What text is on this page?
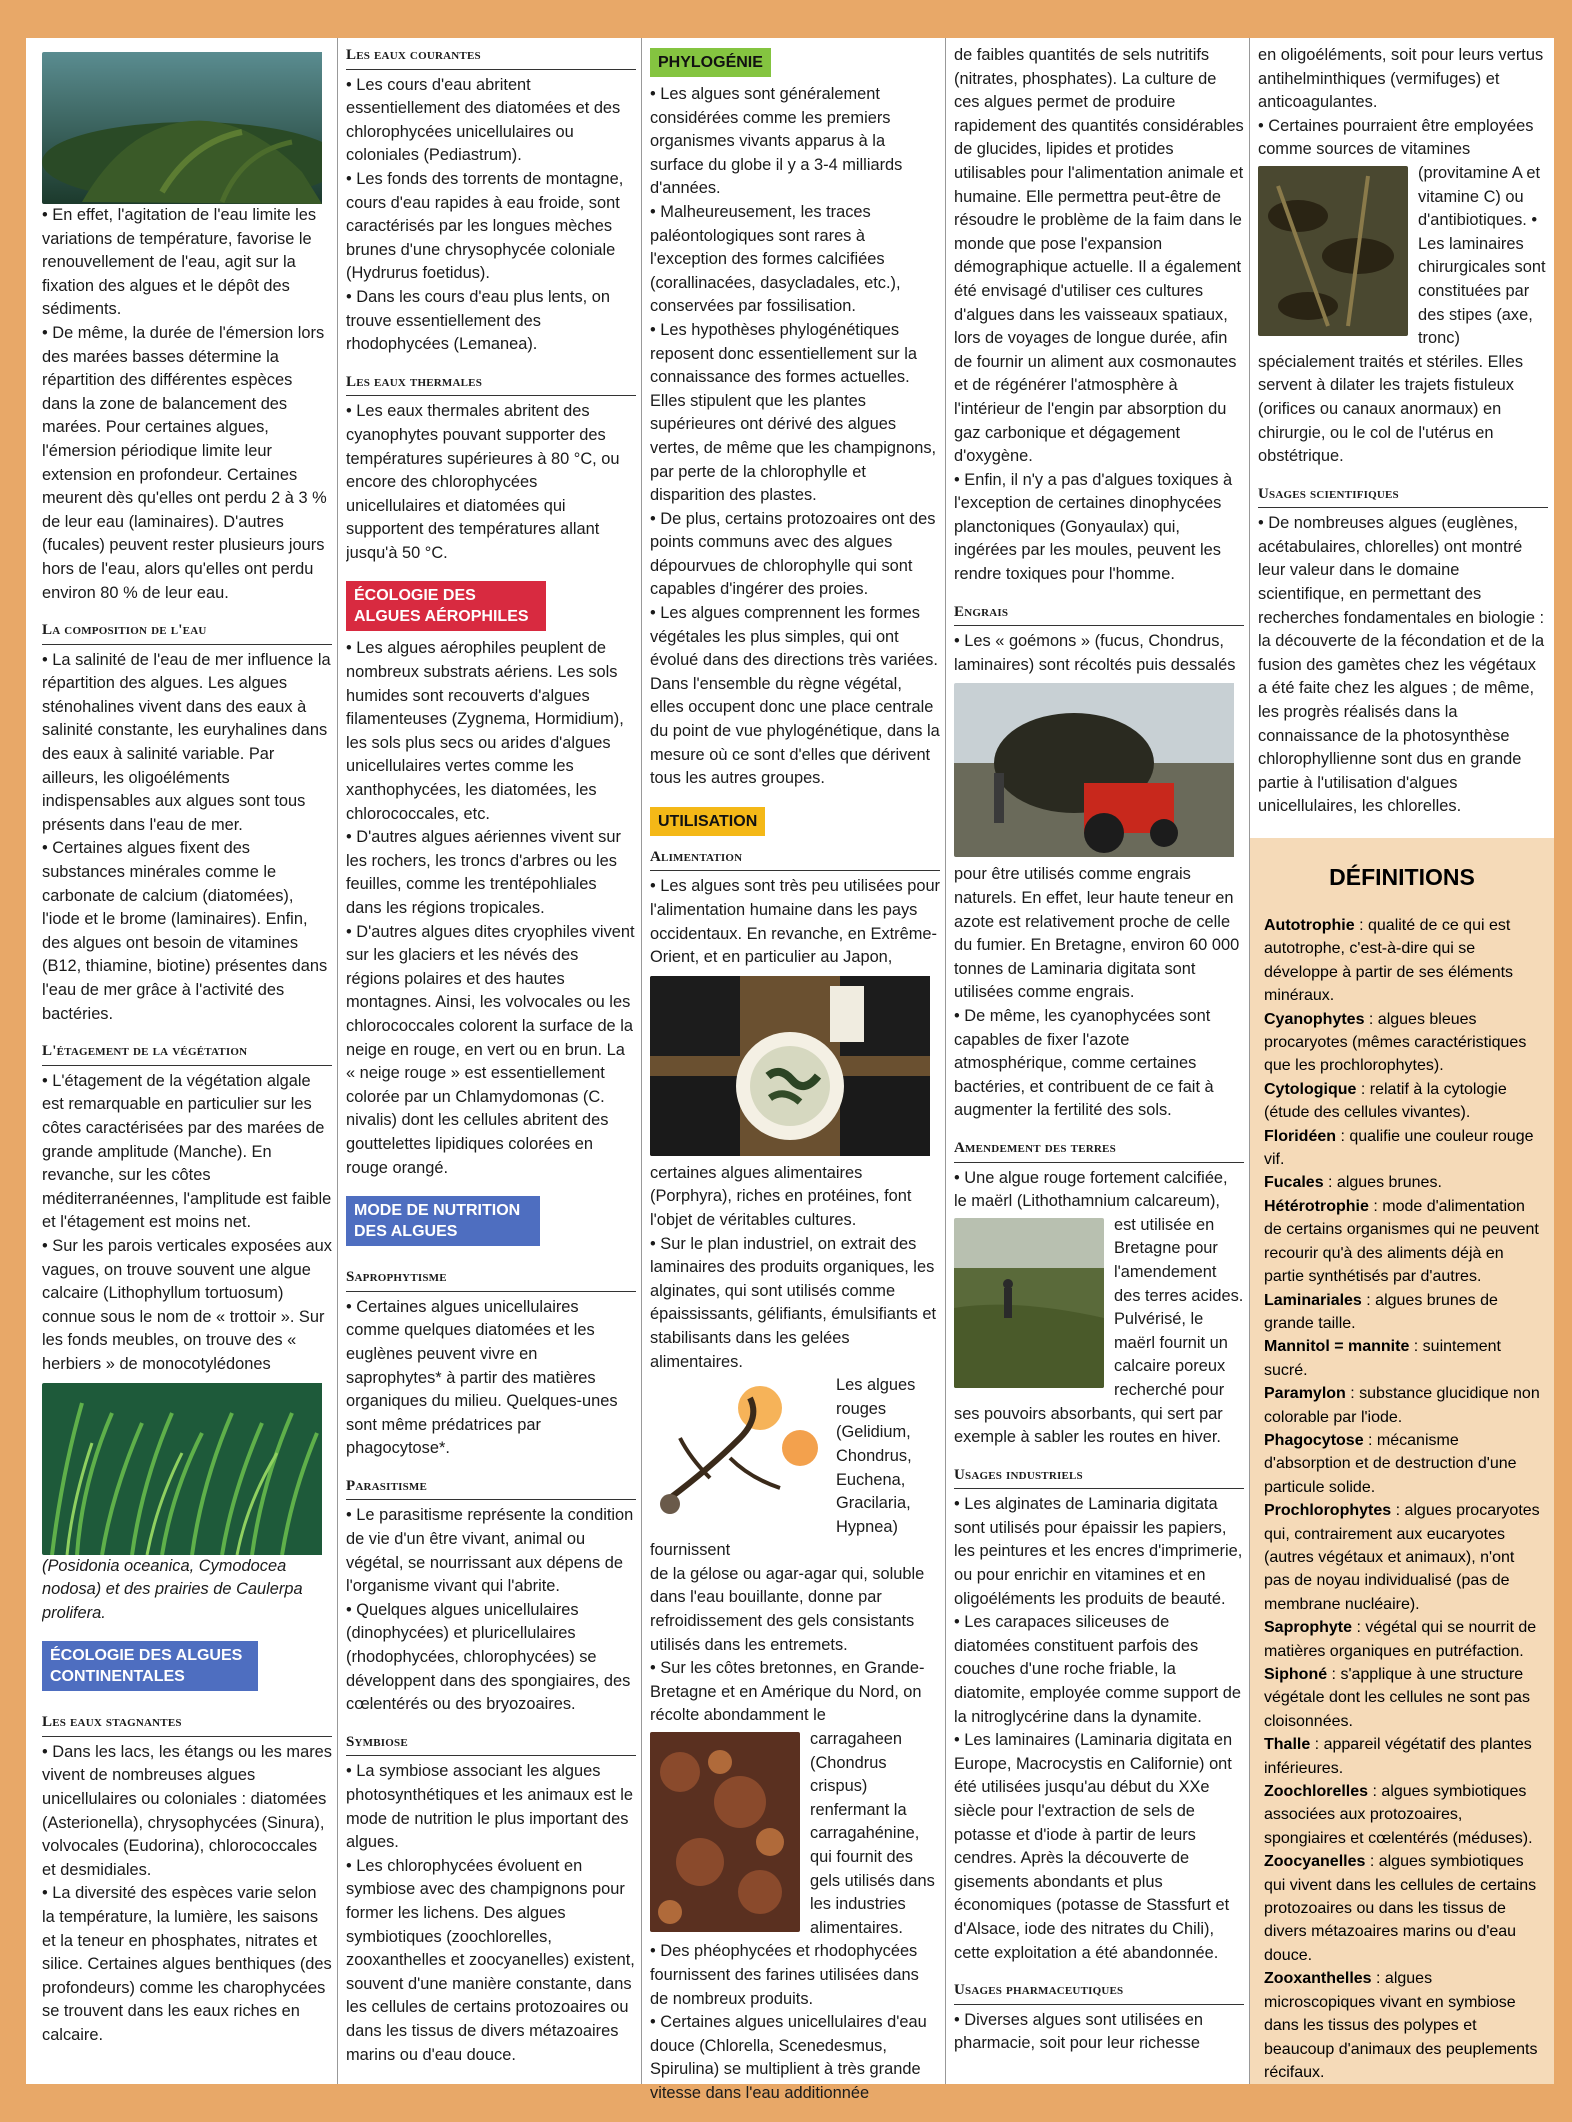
• En effet, l'agitation de l'eau limite les variations de température, favorise le renouvellement de l'eau, agit sur la fixation des algues et le dépôt des sédiments.

• De même, la durée de l'émersion lors des marées basses détermine la répartition des différentes espèces dans la zone de balancement des marées. Pour certaines algues, l'émersion périodique limite leur extension en profondeur. Certaines meurent dès qu'elles ont perdu 2 à 3 % de leur eau (laminaires). D'autres (fucales) peuvent rester plusieurs jours hors de l'eau, alors qu'elles ont perdu environ 80 % de leur eau.

La composition de l'eau

• La salinité de l'eau de mer influence la répartition des algues. Les algues sténohalines vivent dans des eaux à salinité constante, les euryhalines dans des eaux à salinité variable. Par ailleurs, les oligoéléments indispensables aux algues sont tous présents dans l'eau de mer.

• Certaines algues fixent des substances minérales comme le carbonate de calcium (diatomées), l'iode et le brome (laminaires). Enfin, des algues ont besoin de vitamines (B12, thiamine, biotine) présentes dans l'eau de mer grâce à l'activité des bactéries.

L'étagement de la végétation

• L'étagement de la végétation algale est remarquable en particulier sur les côtes caractérisées par des marées de grande amplitude (Manche). En revanche, sur les côtes méditerranéennes, l'amplitude est faible et l'étagement est moins net.

• Sur les parois verticales exposées aux vagues, on trouve souvent une algue calcaire (Lithophyllum tortuosum) connue sous le nom de « trottoir ». Sur les fonds meubles, on trouve des « herbiers » de monocotylédones

(Posidonia oceanica, Cymodocea nodosa) et des prairies de Caulerpa prolifera.

ÉCOLOGIE DES ALGUES CONTINENTALES
Les eaux stagnantes

• Dans les lacs, les étangs ou les mares vivent de nombreuses algues unicellulaires ou coloniales : diatomées (Asterionella), chrysophycées (Sinura), volvocales (Eudorina), chlorococcales et desmidiales.

• La diversité des espèces varie selon la température, la lumière, les saisons et la teneur en phosphates, nitrates et silice. Certaines algues benthiques (des profondeurs) comme les charophycées se trouvent dans les eaux riches en calcaire.

Les eaux courantes

• Les cours d'eau abritent essentiellement des diatomées et des chlorophycées unicellulaires ou coloniales (Pediastrum).

• Les fonds des torrents de montagne, cours d'eau rapides à eau froide, sont caractérisés par les longues mèches brunes d'une chrysophycée coloniale (Hydrurus foetidus).

• Dans les cours d'eau plus lents, on trouve essentiellement des rhodophycées (Lemanea).

Les eaux thermales

• Les eaux thermales abritent des cyanophytes pouvant supporter des températures supérieures à 80 °C, ou encore des chlorophycées unicellulaires et diatomées qui supportent des températures allant jusqu'à 50 °C.

ÉCOLOGIE DES ALGUES AÉROPHILES

• Les algues aérophiles peuplent de nombreux substrats aériens. Les sols humides sont recouverts d'algues filamenteuses (Zygnema, Hormidium), les sols plus secs ou arides d'algues unicellulaires vertes comme les xanthophycées, les diatomées, les chlorococcales, etc.

• D'autres algues aériennes vivent sur les rochers, les troncs d'arbres ou les feuilles, comme les trentépohliales dans les régions tropicales.

• D'autres algues dites cryophiles vivent sur les glaciers et les névés des régions polaires et des hautes montagnes. Ainsi, les volvocales ou les chlorococcales colorent la surface de la neige en rouge, en vert ou en brun. La « neige rouge » est essentiellement colorée par un Chlamydomonas (C. nivalis) dont les cellules abritent des gouttelettes lipidiques colorées en rouge orangé.

MODE DE NUTRITION DES ALGUES
Saprophytisme

• Certaines algues unicellulaires comme quelques diatomées et les euglènes peuvent vivre en saprophytes* à partir des matières organiques du milieu. Quelques-unes sont même prédatrices par phagocytose*.

Parasitisme

• Le parasitisme représente la condition de vie d'un être vivant, animal ou végétal, se nourrissant aux dépens de l'organisme vivant qui l'abrite.

• Quelques algues unicellulaires (dinophycées) et pluricellulaires (rhodophycées, chlorophycées) se développent dans des spongiaires, des cœlentérés ou des bryozoaires.

Symbiose

• La symbiose associant les algues photosynthétiques et les animaux est le mode de nutrition le plus important des algues.

• Les chlorophycées évoluent en symbiose avec des champignons pour former les lichens. Des algues symbiotiques (zoochlorelles, zooxanthelles et zoocyanelles) existent, souvent d'une manière constante, dans les cellules de certains protozoaires ou dans les tissus de divers métazoaires marins ou d'eau douce.

PHYLOGÉNIE

• Les algues sont généralement considérées comme les premiers organismes vivants apparus à la surface du globe il y a 3-4 milliards d'années.

• Malheureusement, les traces paléontologiques sont rares à l'exception des formes calcifiées (corallinacées, dasycladales, etc.), conservées par fossilisation.

• Les hypothèses phylogénétiques reposent donc essentiellement sur la connaissance des formes actuelles. Elles stipulent que les plantes supérieures ont dérivé des algues vertes, de même que les champignons, par perte de la chlorophylle et disparition des plastes.

• De plus, certains protozoaires ont des points communs avec des algues dépourvues de chlorophylle qui sont capables d'ingérer des proies.

• Les algues comprennent les formes végétales les plus simples, qui ont évolué dans des directions très variées. Dans l'ensemble du règne végétal, elles occupent donc une place centrale du point de vue phylogénétique, dans la mesure où ce sont d'elles que dérivent tous les autres groupes.

UTILISATION
Alimentation

• Les algues sont très peu utilisées pour l'alimentation humaine dans les pays occidentaux. En revanche, en Extrême-Orient, et en particulier au Japon,

certaines algues alimentaires (Porphyra), riches en protéines, font l'objet de véritables cultures.

• Sur le plan industriel, on extrait des laminaires des produits organiques, les alginates, qui sont utilisés comme épaississants, gélifiants, émulsifiants et stabilisants dans les gelées alimentaires.

Les algues rouges (Gelidium, Chondrus, Euchena, Gracilaria, Hypnea) fournissent

de la gélose ou agar-agar qui, soluble dans l'eau bouillante, donne par refroidissement des gels consistants utilisés dans les entremets.

• Sur les côtes bretonnes, en Grande-Bretagne et en Amérique du Nord, on récolte abondamment le

carragaheen (Chondrus crispus) renfermant la carragahénine, qui fournit des gels utilisés dans les industries alimentaires.

• Des phéophycées et rhodophycées fournissent des farines utilisées dans de nombreux produits.

• Certaines algues unicellulaires d'eau douce (Chlorella, Scenedesmus, Spirulina) se multiplient à très grande vitesse dans l'eau additionnée

de faibles quantités de sels nutritifs (nitrates, phosphates). La culture de ces algues permet de produire rapidement des quantités considérables de glucides, lipides et protides utilisables pour l'alimentation animale et humaine. Elle permettra peut-être de résoudre le problème de la faim dans le monde que pose l'expansion démographique actuelle. Il a également été envisagé d'utiliser ces cultures d'algues dans les vaisseaux spatiaux, lors de voyages de longue durée, afin de fournir un aliment aux cosmonautes et de régénérer l'atmosphère à l'intérieur de l'engin par absorption du gaz carbonique et dégagement d'oxygène.

• Enfin, il n'y a pas d'algues toxiques à l'exception de certaines dinophycées planctoniques (Gonyaulax) qui, ingérées par les moules, peuvent les rendre toxiques pour l'homme.

Engrais

• Les « goémons » (fucus, Chondrus, laminaires) sont récoltés puis dessalés

pour être utilisés comme engrais naturels. En effet, leur haute teneur en azote est relativement proche de celle du fumier. En Bretagne, environ 60 000 tonnes de Laminaria digitata sont utilisées comme engrais.

• De même, les cyanophycées sont capables de fixer l'azote atmosphérique, comme certaines bactéries, et contribuent de ce fait à augmenter la fertilité des sols.

Amendement des terres

• Une algue rouge fortement calcifiée, le maërl (Lithothamnium calcareum),

est utilisée en Bretagne pour l'amendement des terres acides. Pulvérisé, le maërl fournit un calcaire poreux recherché pour

ses pouvoirs absorbants, qui sert par exemple à sabler les routes en hiver.

Usages industriels

• Les alginates de Laminaria digitata sont utilisés pour épaissir les papiers, les peintures et les encres d'imprimerie, ou pour enrichir en vitamines et en oligoéléments les produits de beauté.

• Les carapaces siliceuses de diatomées constituent parfois des couches d'une roche friable, la diatomite, employée comme support de la nitroglycérine dans la dynamite.

• Les laminaires (Laminaria digitata en Europe, Macrocystis en Californie) ont été utilisées jusqu'au début du XXe siècle pour l'extraction de sels de potasse et d'iode à partir de leurs cendres. Après la découverte de gisements abondants et plus économiques (potasse de Stassfurt et d'Alsace, iode des nitrates du Chili), cette exploitation a été abandonnée.

Usages pharmaceutiques

• Diverses algues sont utilisées en pharmacie, soit pour leur richesse

en oligoéléments, soit pour leurs vertus antihelminthiques (vermifuges) et anticoagulantes.

• Certaines pourraient être employées comme sources de vitamines

(provitamine A et vitamine C) ou d'antibiotiques. • Les laminaires chirurgicales sont constituées par des stipes (axe, tronc)

spécialement traités et stériles. Elles servent à dilater les trajets fistuleux (orifices ou canaux anormaux) en chirurgie, ou le col de l'utérus en obstétrique.

Usages scientifiques

• De nombreuses algues (euglènes, acétabulaires, chlorelles) ont montré leur valeur dans le domaine scientifique, en permettant des recherches fondamentales en biologie : la découverte de la fécondation et de la fusion des gamètes chez les végétaux a été faite chez les algues ; de même, les progrès réalisés dans la connaissance de la photosynthèse chlorophyllienne sont dus en grande partie à l'utilisation d'algues unicellulaires, les chlorelles.

DÉFINITIONS
Autotrophie : qualité de ce qui est autotrophe, c'est-à-dire qui se développe à partir de ses éléments minéraux.
Cyanophytes : algues bleues procaryotes (mêmes caractéristiques que les prochlorophytes).
Cytologique : relatif à la cytologie (étude des cellules vivantes).
Floridéen : qualifie une couleur rouge vif.
Fucales : algues brunes.
Hétérotrophie : mode d'alimentation de certains organismes qui ne peuvent recourir qu'à des aliments déjà en partie synthétisés par d'autres.
Laminariales : algues brunes de grande taille.
Mannitol = mannite : suintement sucré.
Paramylon : substance glucidique non colorable par l'iode.
Phagocytose : mécanisme d'absorption et de destruction d'une particule solide.
Prochlorophytes : algues procaryotes qui, contrairement aux eucaryotes (autres végétaux et animaux), n'ont pas de noyau individualisé (pas de membrane nucléaire).
Saprophyte : végétal qui se nourrit de matières organiques en putréfaction.
Siphoné : s'applique à une structure végétale dont les cellules ne sont pas cloisonnées.
Thalle : appareil végétatif des plantes inférieures.
Zoochlorelles : algues symbiotiques associées aux protozoaires, spongiaires et cœlentérés (méduses).
Zoocyanelles : algues symbiotiques qui vivent dans les cellules de certains protozoaires ou dans les tissus de divers métazoaires marins ou d'eau douce.
Zooxanthelles : algues microscopiques vivant en symbiose dans les tissus des polypes et beaucoup d'animaux des peuplements récifaux.
